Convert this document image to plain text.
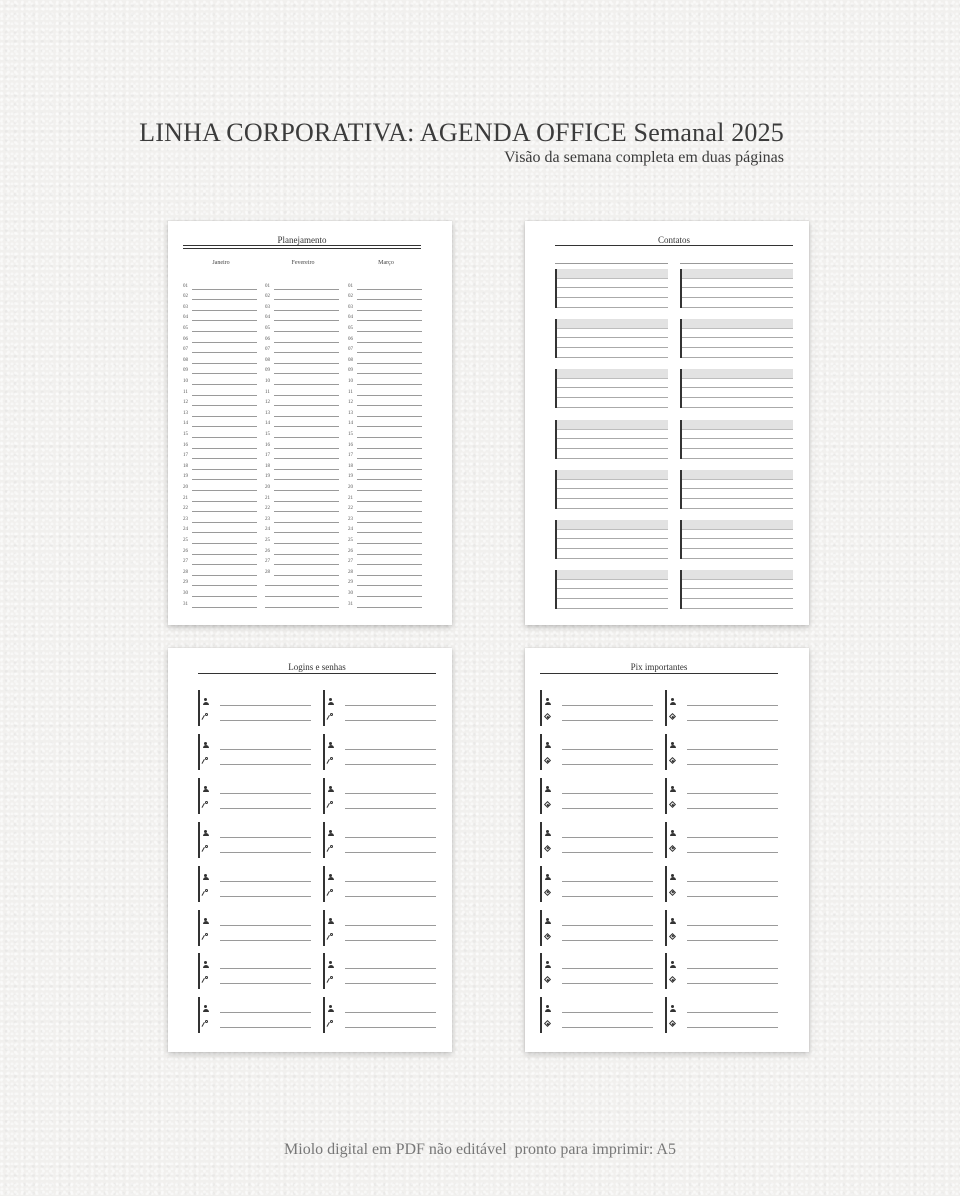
LINHA CORPORATIVA: AGENDA OFFICE Semanal 2025
Visão da semana completa em duas páginas
Planejamento
Janeiro
01
02
03
04
05
06
07
08
09
10
11
12
13
14
15
16
17
18
19
20
21
22
23
24
25
26
27
28
29
30
31
Fevereiro
01
02
03
04
05
06
07
08
09
10
11
12
13
14
15
16
17
18
19
20
21
22
23
24
25
26
27
28
Março
01
02
03
04
05
06
07
08
09
10
11
12
13
14
15
16
17
18
19
20
21
22
23
24
25
26
27
28
29
30
31
Contatos
Logins e senhas	Pix importantes
Miolo digital em PDF não editável  pronto para imprimir: A5
